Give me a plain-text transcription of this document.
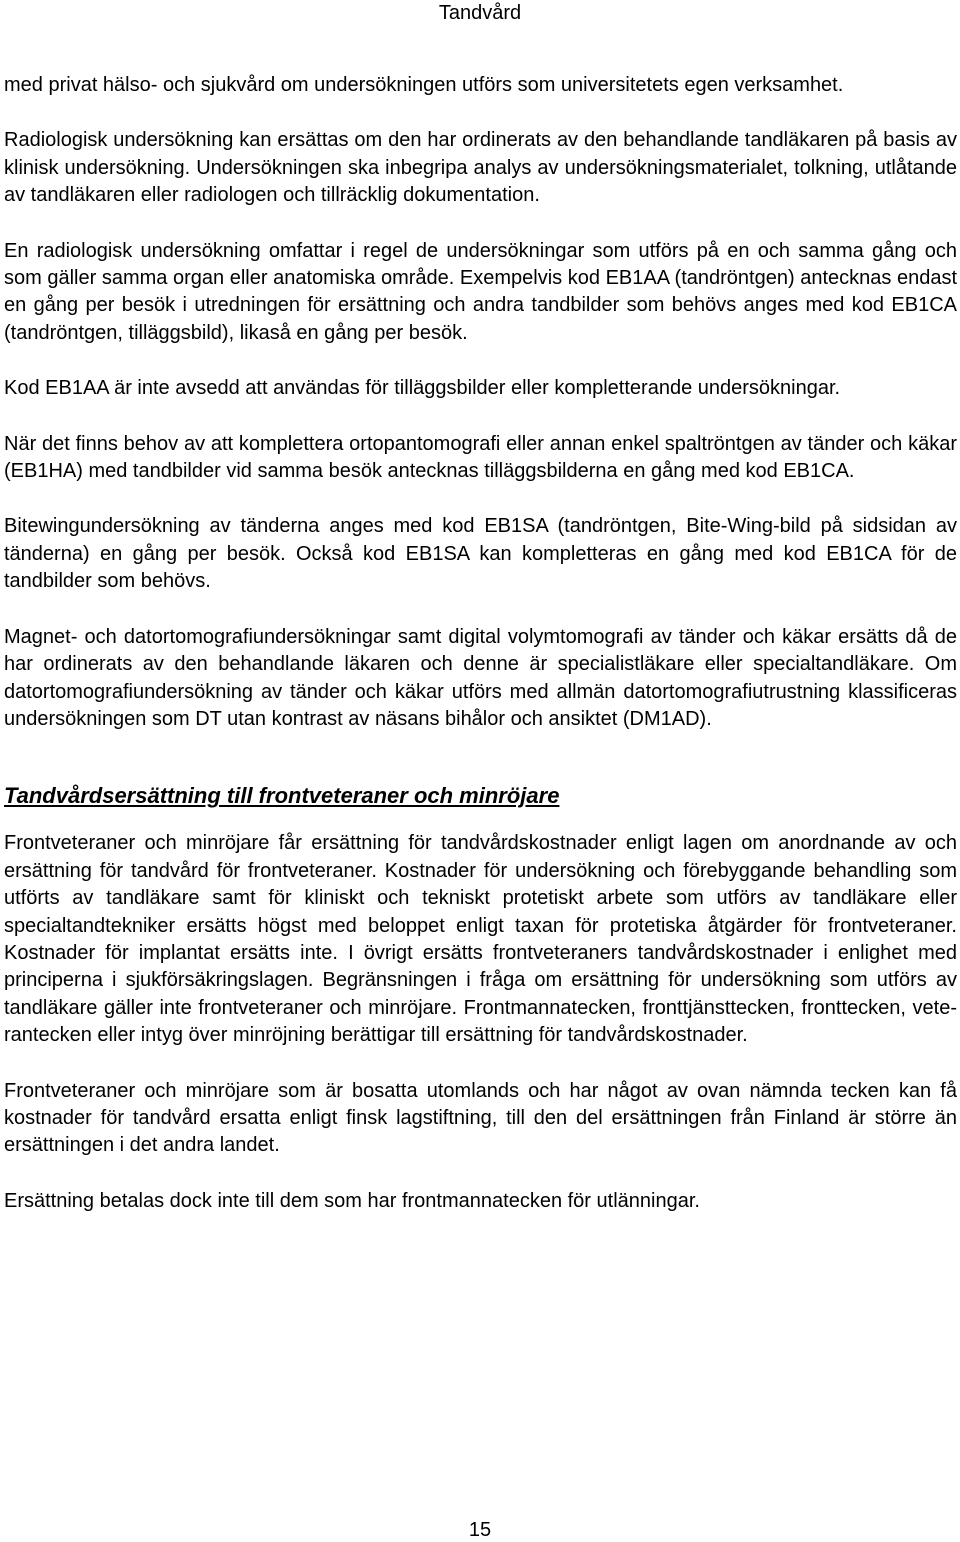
Tandvård

med privat hälso- och sjukvård om undersökningen utförs som universitetets egen verksamhet.

Radiologisk undersökning kan ersättas om den har ordinerats av den behandlande tandläkaren på basis av klinisk undersökning. Undersökningen ska inbegripa analys av undersökningsmaterialet, tolkning, utlåtande av tandläkaren eller radiologen och tillräcklig dokumentation.

En radiologisk undersökning omfattar i regel de undersökningar som utförs på en och samma gång och som gäller samma organ eller anatomiska område. Exempelvis kod EB1AA (tandröntgen) antecknas endast en gång per besök i utredningen för ersättning och andra tandbilder som behövs anges med kod EB1CA (tandröntgen, tilläggsbild), likaså en gång per besök.

Kod EB1AA är inte avsedd att användas för tilläggsbilder eller kompletterande undersökningar.

När det finns behov av att komplettera ortopantomografi eller annan enkel spaltröntgen av tänder och käkar (EB1HA) med tandbilder vid samma besök antecknas tilläggsbilderna en gång med kod EB1CA.

Bitewingundersökning av tänderna anges med kod EB1SA (tandröntgen, Bite-Wing-bild på sidsidan av tänderna) en gång per besök. Också kod EB1SA kan kompletteras en gång med kod EB1CA för de tandbilder som behövs.

Magnet- och datortomografiundersökningar samt digital volymtomografi av tänder och käkar ersätts då de har ordinerats av den behandlande läkaren och denne är specialistläkare eller specialtandläkare. Om datortomografiundersökning av tänder och käkar utförs med allmän datortomografiutrustning klassificeras undersökningen som DT utan kontrast av näsans bihålor och ansiktet (DM1AD).

Tandvårdsersättning till frontveteraner och minröjare

Frontveteraner och minröjare får ersättning för tandvårdskostnader enligt lagen om anordnande av och ersättning för tandvård för frontveteraner. Kostnader för undersökning och förebyggande behandling som utförts av tandläkare samt för kliniskt och tekniskt protetiskt arbete som utförs av tandläkare eller specialtandtekniker ersätts högst med beloppet enligt taxan för protetiska åtgärder för frontveteraner. Kostnader för implantat ersätts inte. I övrigt ersätts frontveteraners tandvårdskostnader i enlighet med principerna i sjukförsäkringslagen. Begränsningen i fråga om ersättning för undersökning som utförs av tandläkare gäller inte frontveteraner och minröjare. Frontmannatecken, fronttjänsttecken, fronttecken, veterantecken eller intyg över minröjning berättigar till ersättning för tandvårdskostnader.

Frontveteraner och minröjare som är bosatta utomlands och har något av ovan nämnda tecken kan få kostnader för tandvård ersatta enligt finsk lagstiftning, till den del ersättningen från Finland är större än ersättningen i det andra landet.

Ersättning betalas dock inte till dem som har frontmannatecken för utlänningar.

15
